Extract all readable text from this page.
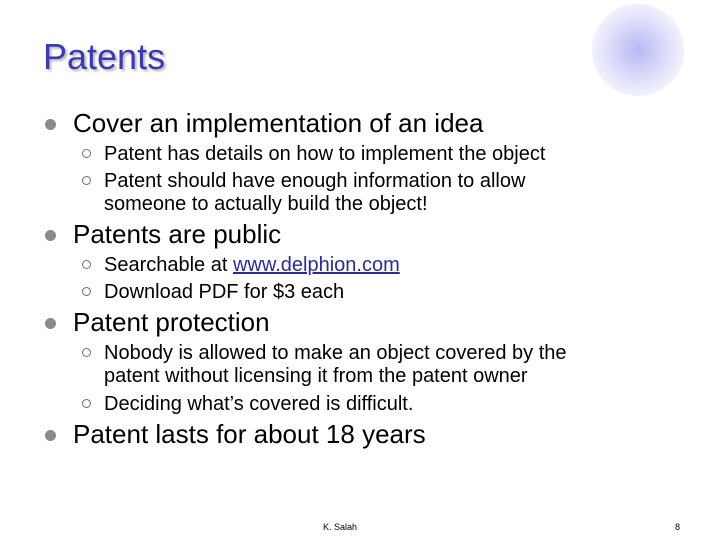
Patents
Cover an implementation of an idea
Patent has details on how to implement the object
Patent should have enough information to allow
someone to actually build the object!
Patents are public
Searchable at www.delphion.com
Download PDF for $3 each
Patent protection
Nobody is allowed to make an object covered by the
patent without licensing it from the patent owner
Deciding what’s covered is difficult.
Patent lasts for about 18 years
K. Salah	8
